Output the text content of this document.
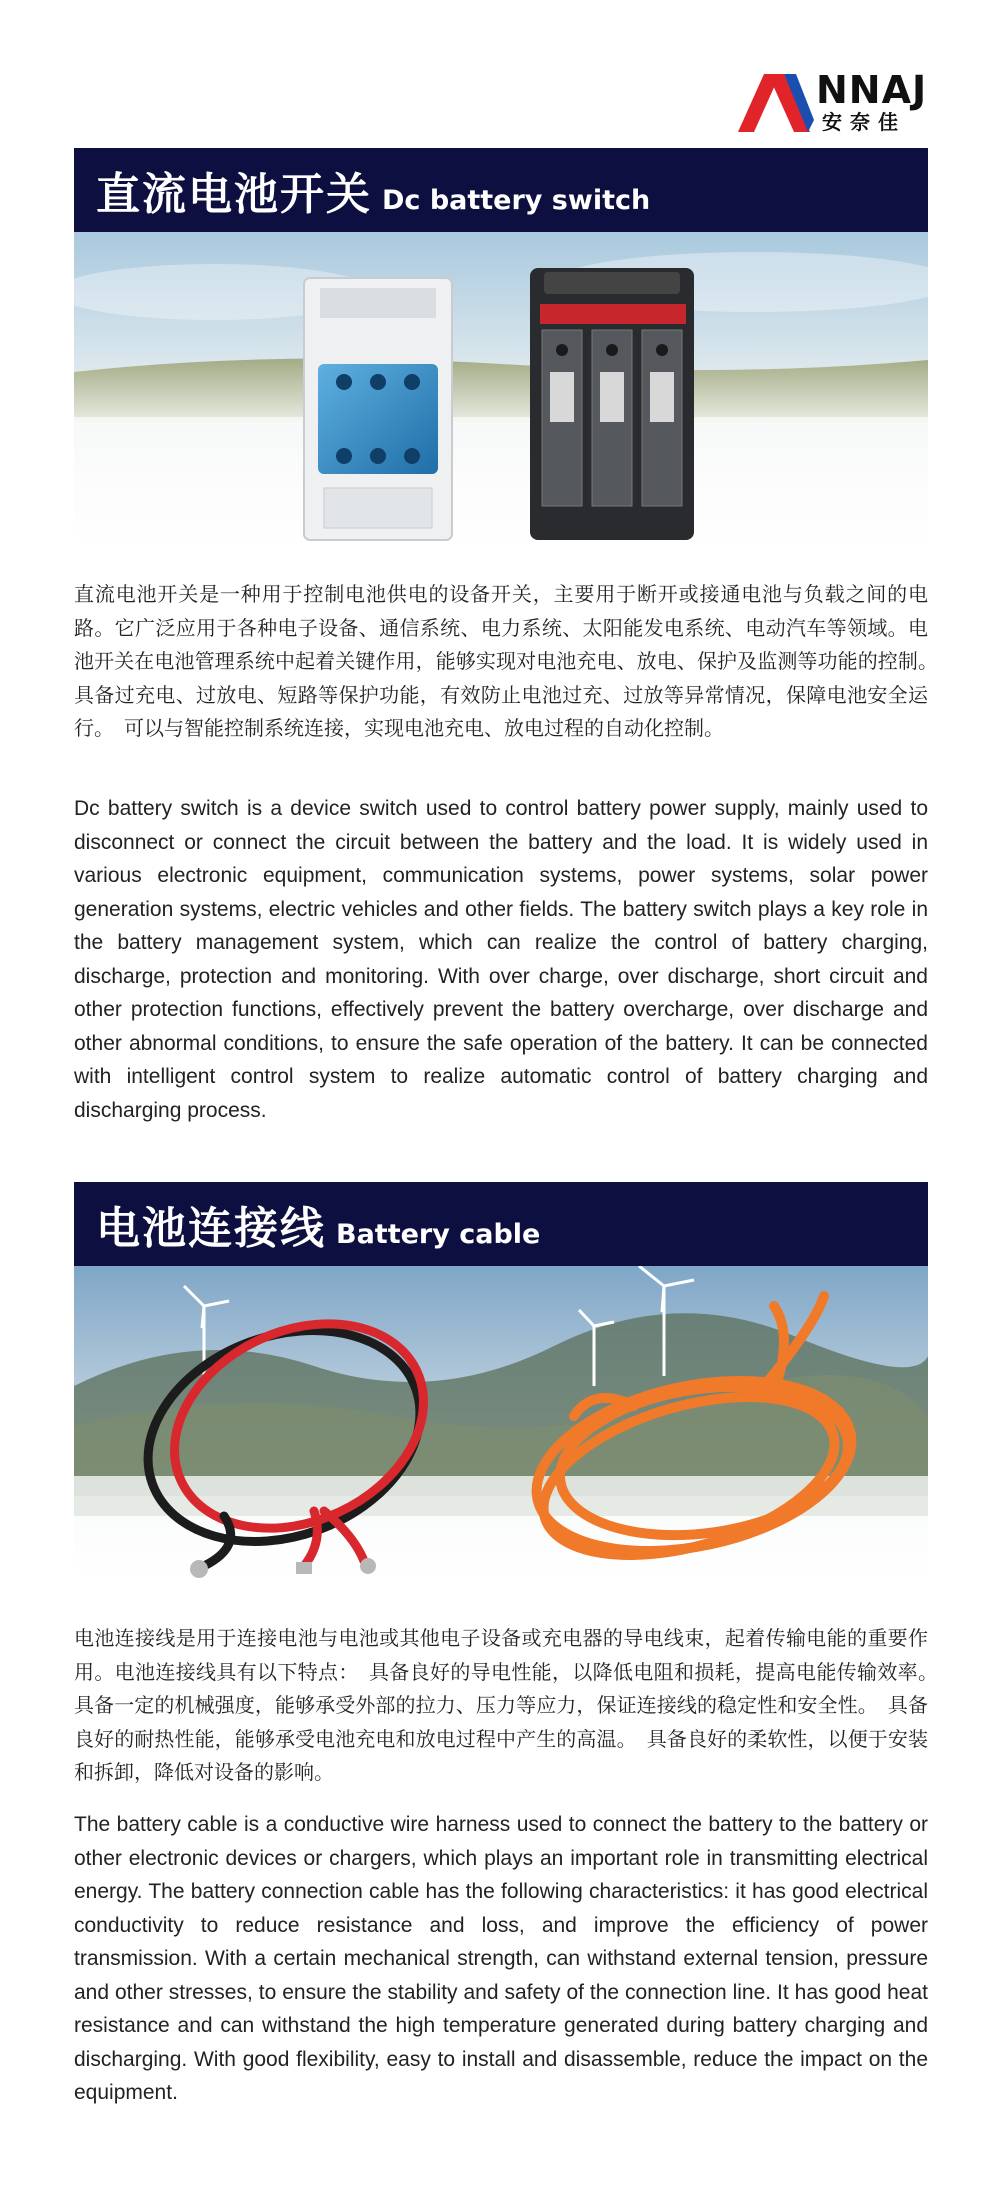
NNAJ
安奈佳
直流电池开关 Dc battery switch

直流电池开关是一种用于控制电池供电的设备开关，主要用于断开或接通电池与负载之间的电路。它广泛应用于各种电子设备、通信系统、电力系统、太阳能发电系统、电动汽车等领域。电池开关在电池管理系统中起着关键作用，能够实现对电池充电、放电、保护及监测等功能的控制。　具备过充电、过放电、短路等保护功能，有效防止电池过充、过放等异常情况，保障电池安全运行。　可以与智能控制系统连接，实现电池充电、放电过程的自动化控制。

Dc battery switch is a device switch used to control battery power supply, mainly used to disconnect or connect the circuit between the battery and the load. It is widely used in various electronic equipment, communication systems, power systems, solar power generation systems, electric vehicles and other fields. The battery switch plays a key role in the battery management system, which can realize the control of battery charging, discharge, protection and monitoring. With over charge, over discharge, short circuit and other protection functions, effectively prevent the battery overcharge, over discharge and other abnormal conditions, to ensure the safe operation of the battery. It can be connected with intelligent control system to realize automatic control of battery charging and discharging process.

电池连接线 Battery cable

电池连接线是用于连接电池与电池或其他电子设备或充电器的导电线束，起着传输电能的重要作用。电池连接线具有以下特点：　具备良好的导电性能，以降低电阻和损耗，提高电能传输效率。　具备一定的机械强度，能够承受外部的拉力、压力等应力，保证连接线的稳定性和安全性。　具备良好的耐热性能，能够承受电池充电和放电过程中产生的高温。　具备良好的柔软性，以便于安装和拆卸，降低对设备的影响。

The battery cable is a conductive wire harness used to connect the battery to the battery or other electronic devices or chargers, which plays an important role in transmitting electrical energy. The battery connection cable has the following characteristics: it has good electrical conductivity to reduce resistance and loss, and improve the efficiency of power transmission. With a certain mechanical strength, can withstand external tension, pressure and other stresses, to ensure the stability and safety of the connection line. It has good heat resistance and can withstand the high temperature generated during battery charging and discharging. With good flexibility, easy to install and disassemble, reduce the impact on the equipment.
